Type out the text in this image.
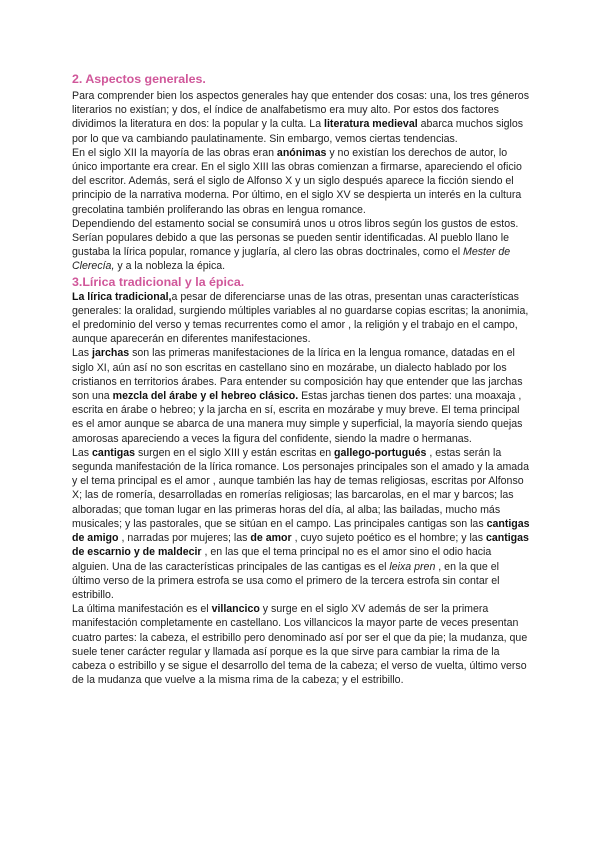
2. Aspectos generales.

Para comprender bien los aspectos generales hay que entender dos cosas: una, los tres géneros literarios no existían; y dos, el índice de analfabetismo era muy alto. Por estos dos factores dividimos la literatura en dos: la popular y la culta. La literatura medieval abarca muchos siglos por lo que va cambiando paulatinamente. Sin embargo, vemos ciertas tendencias.

En el siglo XII la mayoría de las obras eran anónimas y no existían los derechos de autor, lo único importante era crear. En el siglo XIII las obras comienzan a firmarse, apareciendo el oficio del escritor. Además, será el siglo de Alfonso X y un siglo después aparece la ficción siendo el principio de la narrativa moderna. Por último, en el siglo XV se despierta un interés en la cultura grecolatina también proliferando las obras en lengua romance.

Dependiendo del estamento social se consumirá unos u otros libros según los gustos de estos. Serían populares debido a que las personas se pueden sentir identificadas. Al pueblo llano le gustaba la lírica popular, romance y juglaría, al clero las obras doctrinales, como el Mester de Clerecía, y a la nobleza la épica.

3.Lírica tradicional y la épica.

La lírica tradicional,a pesar de diferenciarse unas de las otras, presentan unas características generales: la oralidad, surgiendo múltiples variables al no guardarse copias escritas; la anonimia, el predominio del verso y temas recurrentes como el amor , la religión y el trabajo en el campo, aunque aparecerán en diferentes manifestaciones.

Las jarchas son las primeras manifestaciones de la lírica en la lengua romance, datadas en el siglo XI, aún así no son escritas en castellano sino en mozárabe, un dialecto hablado por los cristianos en territorios árabes. Para entender su composición hay que entender que las jarchas son una mezcla del árabe y el hebreo clásico. Estas jarchas tienen dos partes: una moaxaja , escrita en árabe o hebreo; y la jarcha en sí, escrita en mozárabe y muy breve. El tema principal es el amor aunque se abarca de una manera muy simple y superficial, la mayoría siendo quejas amorosas apareciendo a veces la figura del confidente, siendo la madre o hermanas.

Las cantigas surgen en el siglo XIII y están escritas en gallego-portugués , estas serán la segunda manifestación de la lírica romance. Los personajes principales son el amado y la amada y el tema principal es el amor , aunque también las hay de temas religiosas, escritas por Alfonso X; las de romería, desarrolladas en romerías religiosas; las barcarolas, en el mar y barcos; las alboradas; que toman lugar en las primeras horas del día, al alba; las bailadas, mucho más musicales; y las pastorales, que se sitúan en el campo. Las principales cantigas son las cantigas de amigo , narradas por mujeres; las de amor , cuyo sujeto poético es el hombre; y las cantigas de escarnio y de maldecir , en las que el tema principal no es el amor sino el odio hacia alguien. Una de las características principales de las cantigas es el leixa pren , en la que el último verso de la primera estrofa se usa como el primero de la tercera estrofa sin contar el estribillo.

La última manifestación es el villancico y surge en el siglo XV además de ser la primera manifestación completamente en castellano. Los villancicos la mayor parte de veces presentan cuatro partes: la cabeza, el estribillo pero denominado así por ser el que da pie; la mudanza, que suele tener carácter regular y llamada así porque es la que sirve para cambiar la rima de la cabeza o estribillo y se sigue el desarrollo del tema de la cabeza; el verso de vuelta, último verso de la mudanza que vuelve a la misma rima de la cabeza; y el estribillo.
